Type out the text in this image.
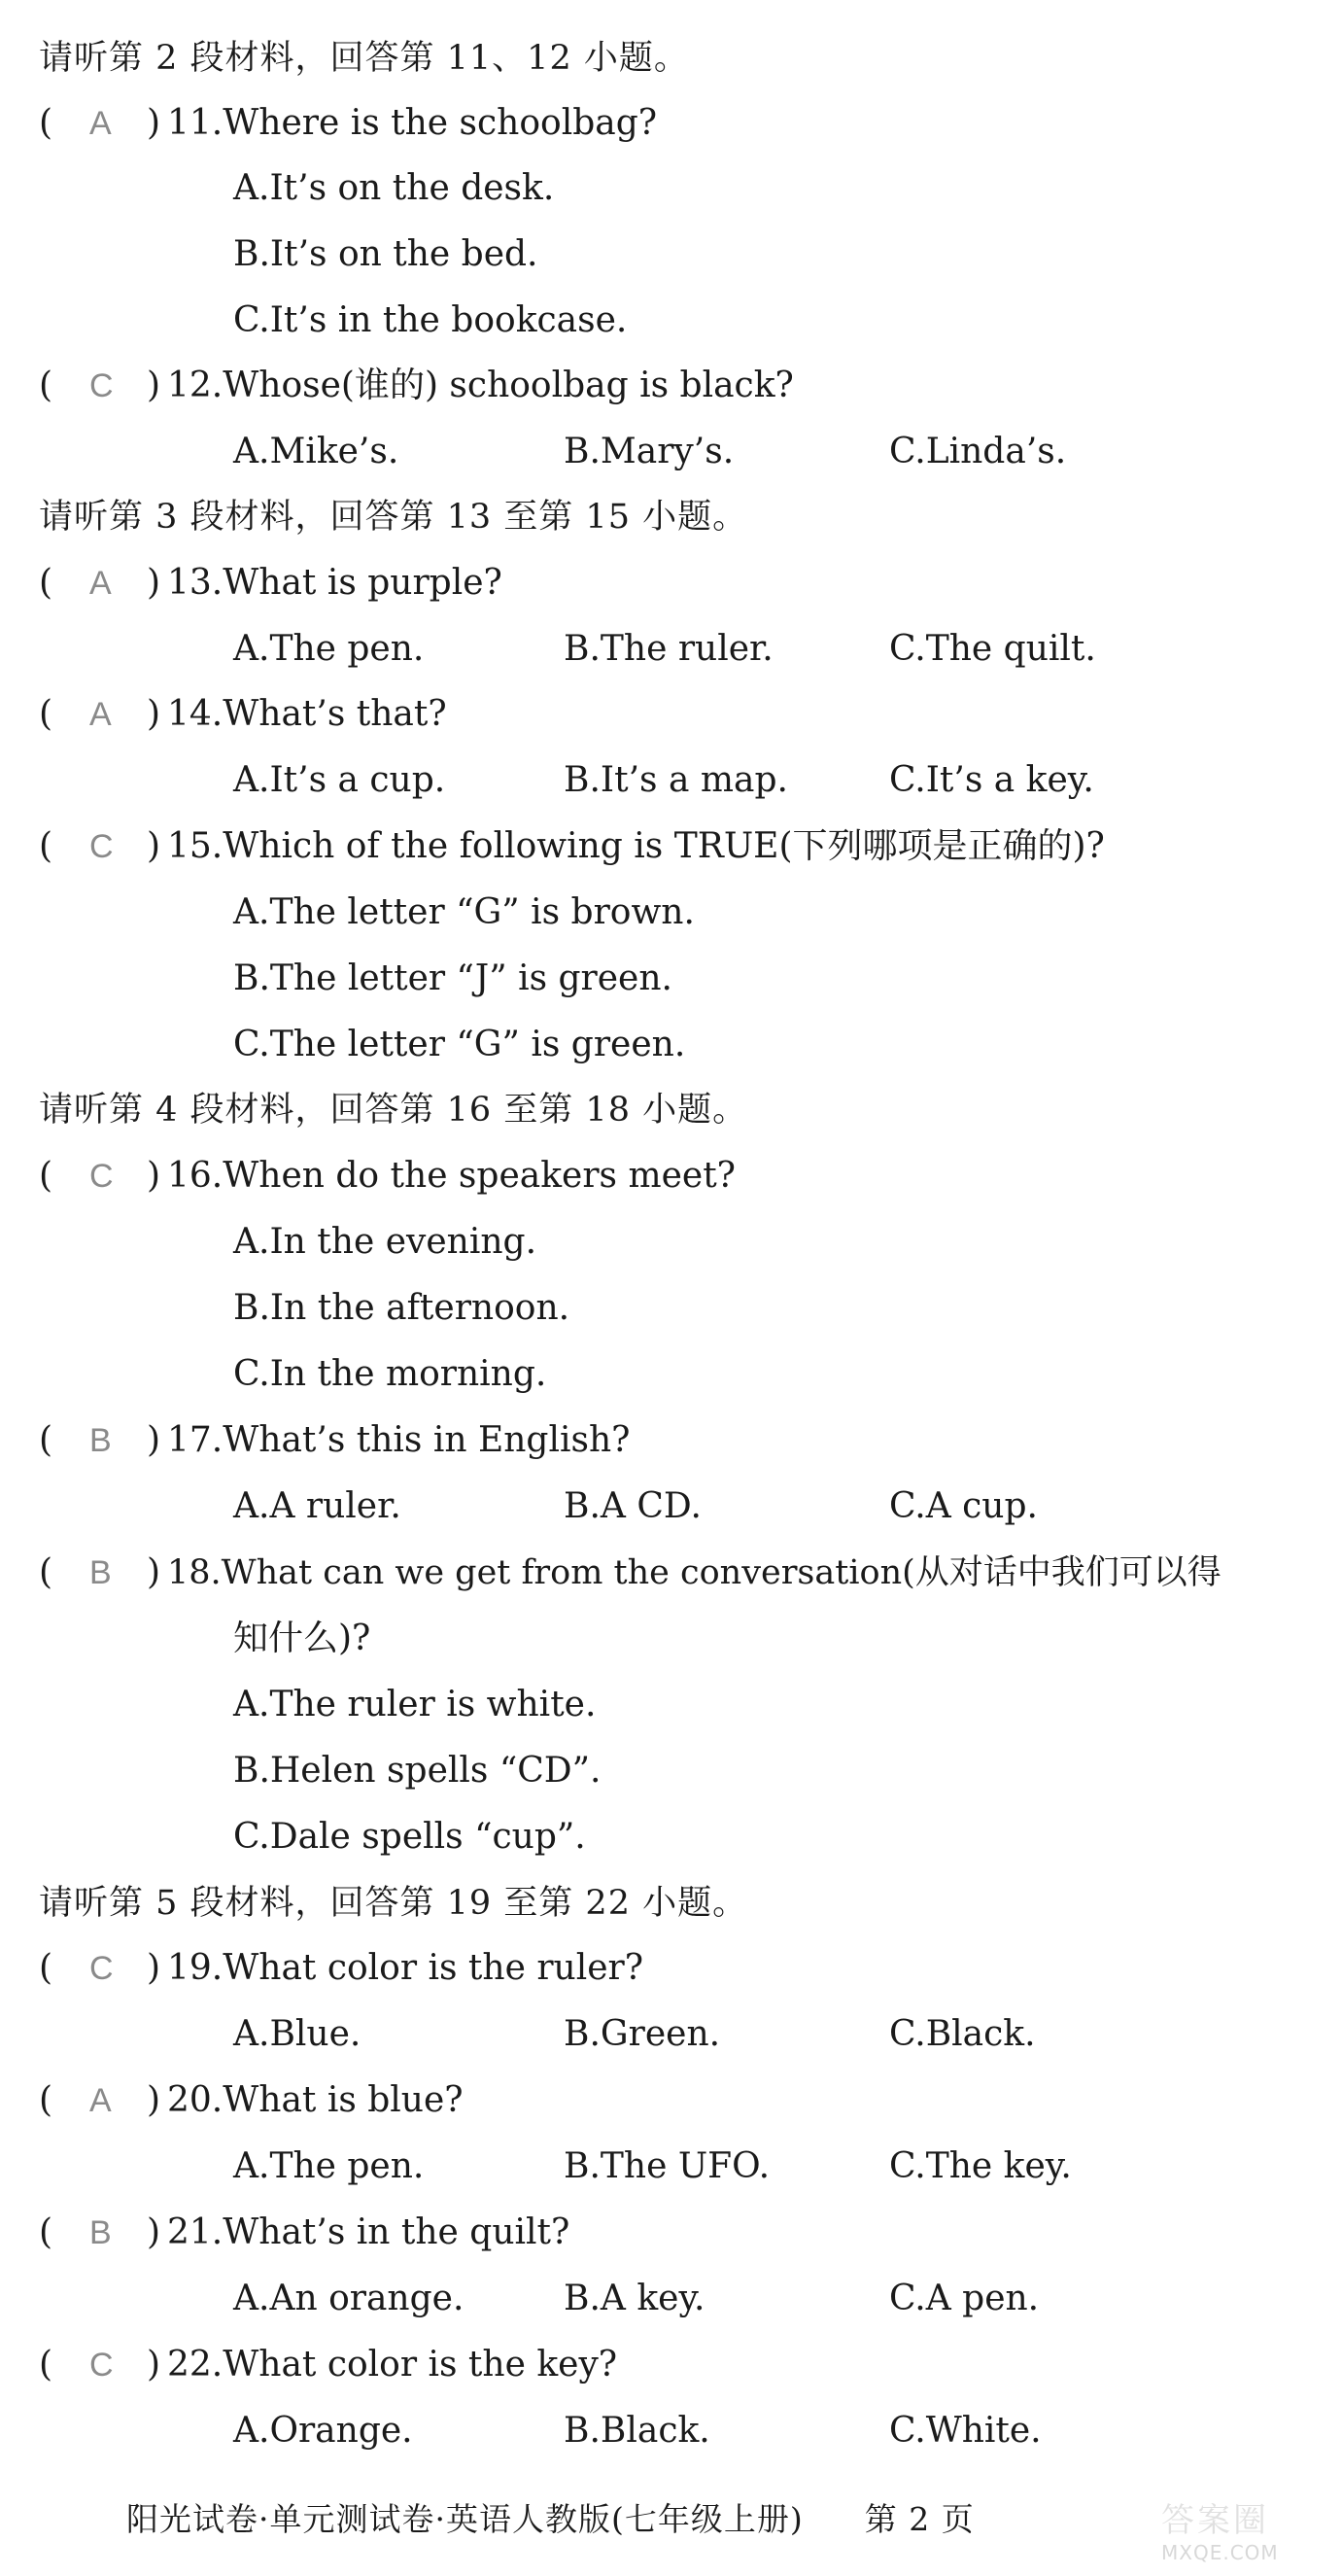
请听第 2 段材料，回答第 11、12 小题。
( A	) 11.Where is the schoolbag?
A.It’s on the desk.
B.It’s on the bed.
C.It’s in the bookcase.
( C ) 12.Whose(谁的) schoolbag is black?
A.Mike’s.	B.Mary’s.	C.Linda’s.
请听第 3 段材料，回答第 13 至第 15 小题。
( A	) 13.What is purple?
A.The pen.	B.The ruler.	C.The quilt.
( A	) 14.What’s that?
A.It’s a cup.	B.It’s a map.	C.It’s a key.
( C ) 15.Which of the following is TRUE(下列哪项是正确的)?
A.The letter “G” is brown.
B.The letter “J” is green.
C.The letter “G” is green.
请听第 4 段材料，回答第 16 至第 18 小题。
( C ) 16.When do the speakers meet?
A.In the evening.
B.In the afternoon.
C.In the morning.
( B	) 17.What’s this in English?
A.A ruler.	B.A CD.	C.A cup.
( B	) 18.What can we get from the conversation(从对话中我们可以得
知什么)?
A.The ruler is white.
B.Helen spells “CD”.
C.Dale spells “cup”.
请听第 5 段材料，回答第 19 至第 22 小题。
( C ) 19.What color is the ruler?
A.Blue.	B.Green.	C.Black.
( A	) 20.What is blue?
A.The pen.	B.The UFO.	C.The key.
( B	) 21.What’s in the quilt?
A.An orange.	B.A key.	C.A pen.
( C ) 22.What color is the key?
A.Orange.	B.Black.	C.White.
阳光试卷·单元测试卷·英语人教版(七年级上册) 第 2 页	答案圈
MXQE.COM
